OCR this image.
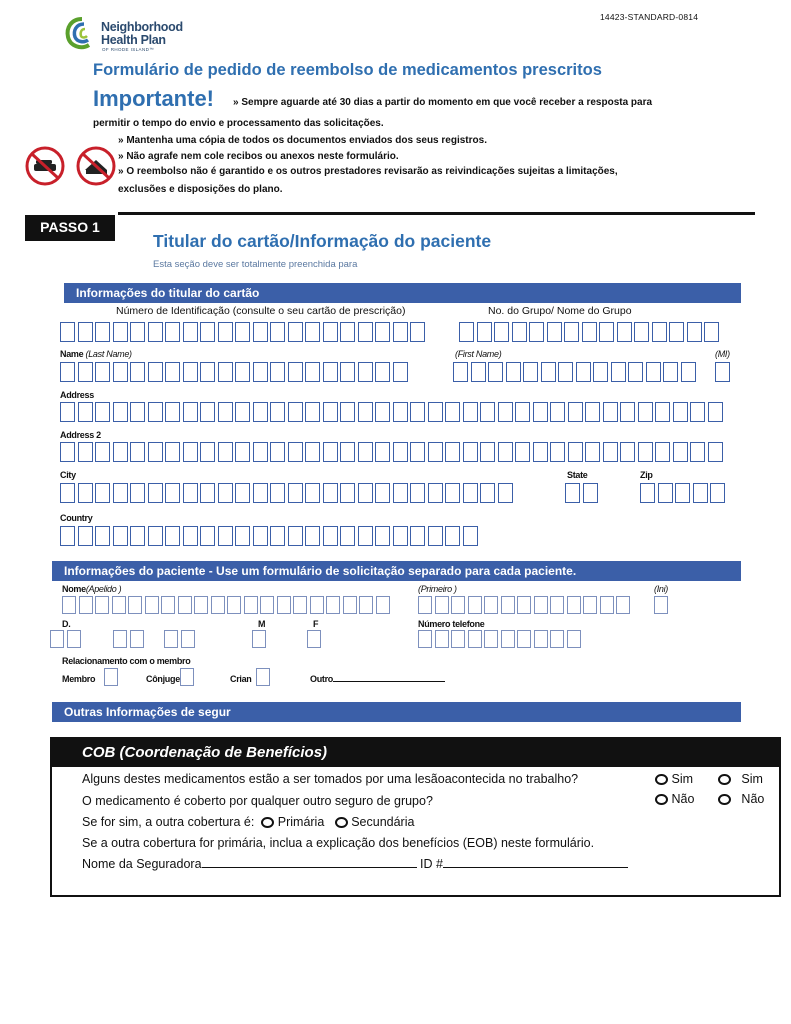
14423-STANDARD-0814
Neighborhood
Health Plan
OF RHODE ISLAND™
Formulário de pedido de reembolso de medicamentos prescritos
Importante! » Sempre aguarde até 30 dias a partir do momento em que você receber a resposta para
permitir o tempo do envio e processamento das solicitações.
» Mantenha uma cópia de todos os documentos enviados dos seus registros.
» Não agrafe nem cole recibos ou anexos neste formulário.
» O reembolso não é garantido e os outros prestadores revisarão as reivindicações sujeitas a limitações,
exclusões e disposições do plano.
PASSO 1
Titular do cartão/Informação do paciente
Esta seção deve ser totalmente preenchida para
Informações do titular do cartão
Número de Identificação (consulte o seu cartão de prescrição)	No. do Grupo/ Nome do Grupo
Name (Last Name)	(First Name)	(MI)
Address
Address 2
City	State	Zip
Country
Informações do paciente - Use um formulário de solicitação separado para cada paciente.
Nome(Apelido )	(Primeiro )	(Ini)
D.	M	F	Número telefone
Relacionamento com o membro
Membro	Cônjuge	Crian	Outro
Outras Informações de segur
COB (Coordenação de Benefícios)
Alguns destes medicamentos estão a ser tomados por uma lesãoacontecida no trabalho?
O medicamento é coberto por qualquer outro seguro de grupo?
Sim	Sim
Não	Não
Se for sim, a outra cobertura é: Primária Secundária
Se a outra cobertura for primária, inclua a explicação dos benefícios (EOB) neste formulário.
Nome da Seguradora	ID #
